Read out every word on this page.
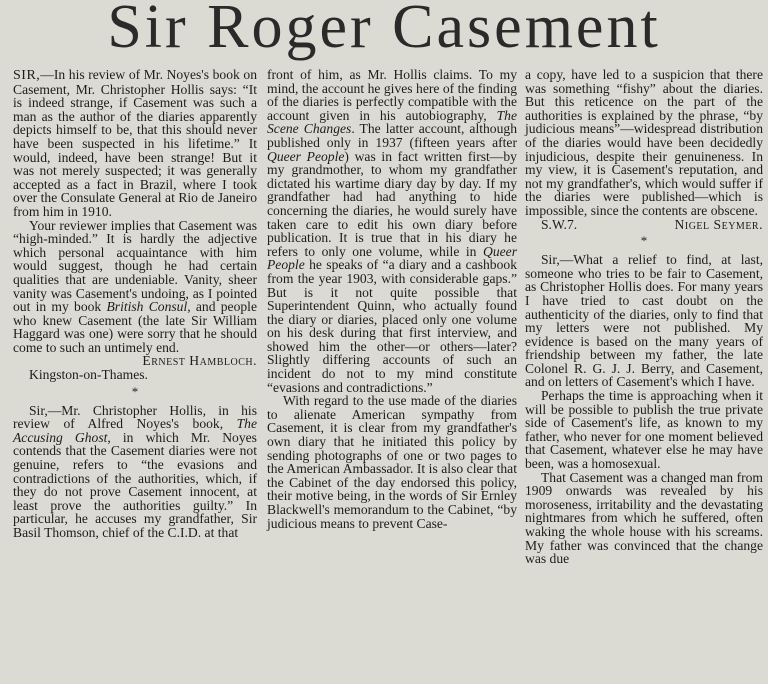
Sir Roger Casement

SIR,—In his review of Mr. Noyes's book on Casement, Mr. Christopher Hollis says: “It is indeed strange, if Casement was such a man as the author of the diaries apparently depicts himself to be, that this should never have been suspected in his lifetime.” It would, indeed, have been strange! But it was not merely suspected; it was generally accepted as a fact in Brazil, where I took over the Consulate General at Rio de Janeiro from him in 1910.

Your reviewer implies that Casement was “high-minded.” It is hardly the adjective which personal acquaintance with him would suggest, though he had certain qualities that are undeniable. Vanity, sheer vanity was Casement's undoing, as I pointed out in my book British Consul, and people who knew Casement (the late Sir William Haggard was one) were sorry that he should come to such an untimely end.

Ernest Hambloch.

Kingston-on-Thames.

*

Sir,—Mr. Christopher Hollis, in his review of Alfred Noyes's book, The Accusing Ghost, in which Mr. Noyes contends that the Casement diaries were not genuine, refers to “the evasions and contradictions of the authorities, which, if they do not prove Casement innocent, at least prove the authorities guilty.” In particular, he accuses my grandfather, Sir Basil Thomson, chief of the C.I.D. at that

front of him, as Mr. Hollis claims. To my mind, the account he gives here of the finding of the diaries is perfectly compatible with the account given in his autobiography, The Scene Changes. The latter account, although published only in 1937 (fifteen years after Queer People) was in fact written first—by my grandmother, to whom my grandfather dictated his wartime diary day by day. If my grandfather had had anything to hide concerning the diaries, he would surely have taken care to edit his own diary before publication. It is true that in his diary he refers to only one volume, while in Queer People he speaks of “a diary and a cashbook from the year 1903, with considerable gaps.” But is it not quite possible that Superintendent Quinn, who actually found the diary or diaries, placed only one volume on his desk during that first interview, and showed him the other—or others—later? Slightly differing accounts of such an incident do not to my mind constitute “evasions and contradictions.”

With regard to the use made of the diaries to alienate American sympathy from Casement, it is clear from my grandfather's own diary that he initiated this policy by sending photographs of one or two pages to the American Ambassador. It is also clear that the Cabinet of the day endorsed this policy, their motive being, in the words of Sir Ernley Blackwell's memorandum to the Cabinet, “by judicious means to prevent Case-

a copy, have led to a suspicion that there was something “fishy” about the diaries. But this reticence on the part of the authorities is explained by the phrase, “by judicious means”—widespread distribution of the diaries would have been decidedly injudicious, despite their genuineness. In my view, it is Casement's reputation, and not my grandfather's, which would suffer if the diaries were published—which is impossible, since the contents are obscene.

S.W.7.	Nigel Seymer.

*

Sir,—What a relief to find, at last, someone who tries to be fair to Casement, as Christopher Hollis does. For many years I have tried to cast doubt on the authenticity of the diaries, only to find that my letters were not published. My evidence is based on the many years of friendship between my father, the late Colonel R. G. J. J. Berry, and Casement, and on letters of Casement's which I have.

Perhaps the time is approaching when it will be possible to publish the true private side of Casement's life, as known to my father, who never for one moment believed that Casement, whatever else he may have been, was a homosexual.

That Casement was a changed man from 1909 onwards was revealed by his moroseness, irritability and the devastating nightmares from which he suffered, often waking the whole house with his screams. My father was convinced that the change was due
